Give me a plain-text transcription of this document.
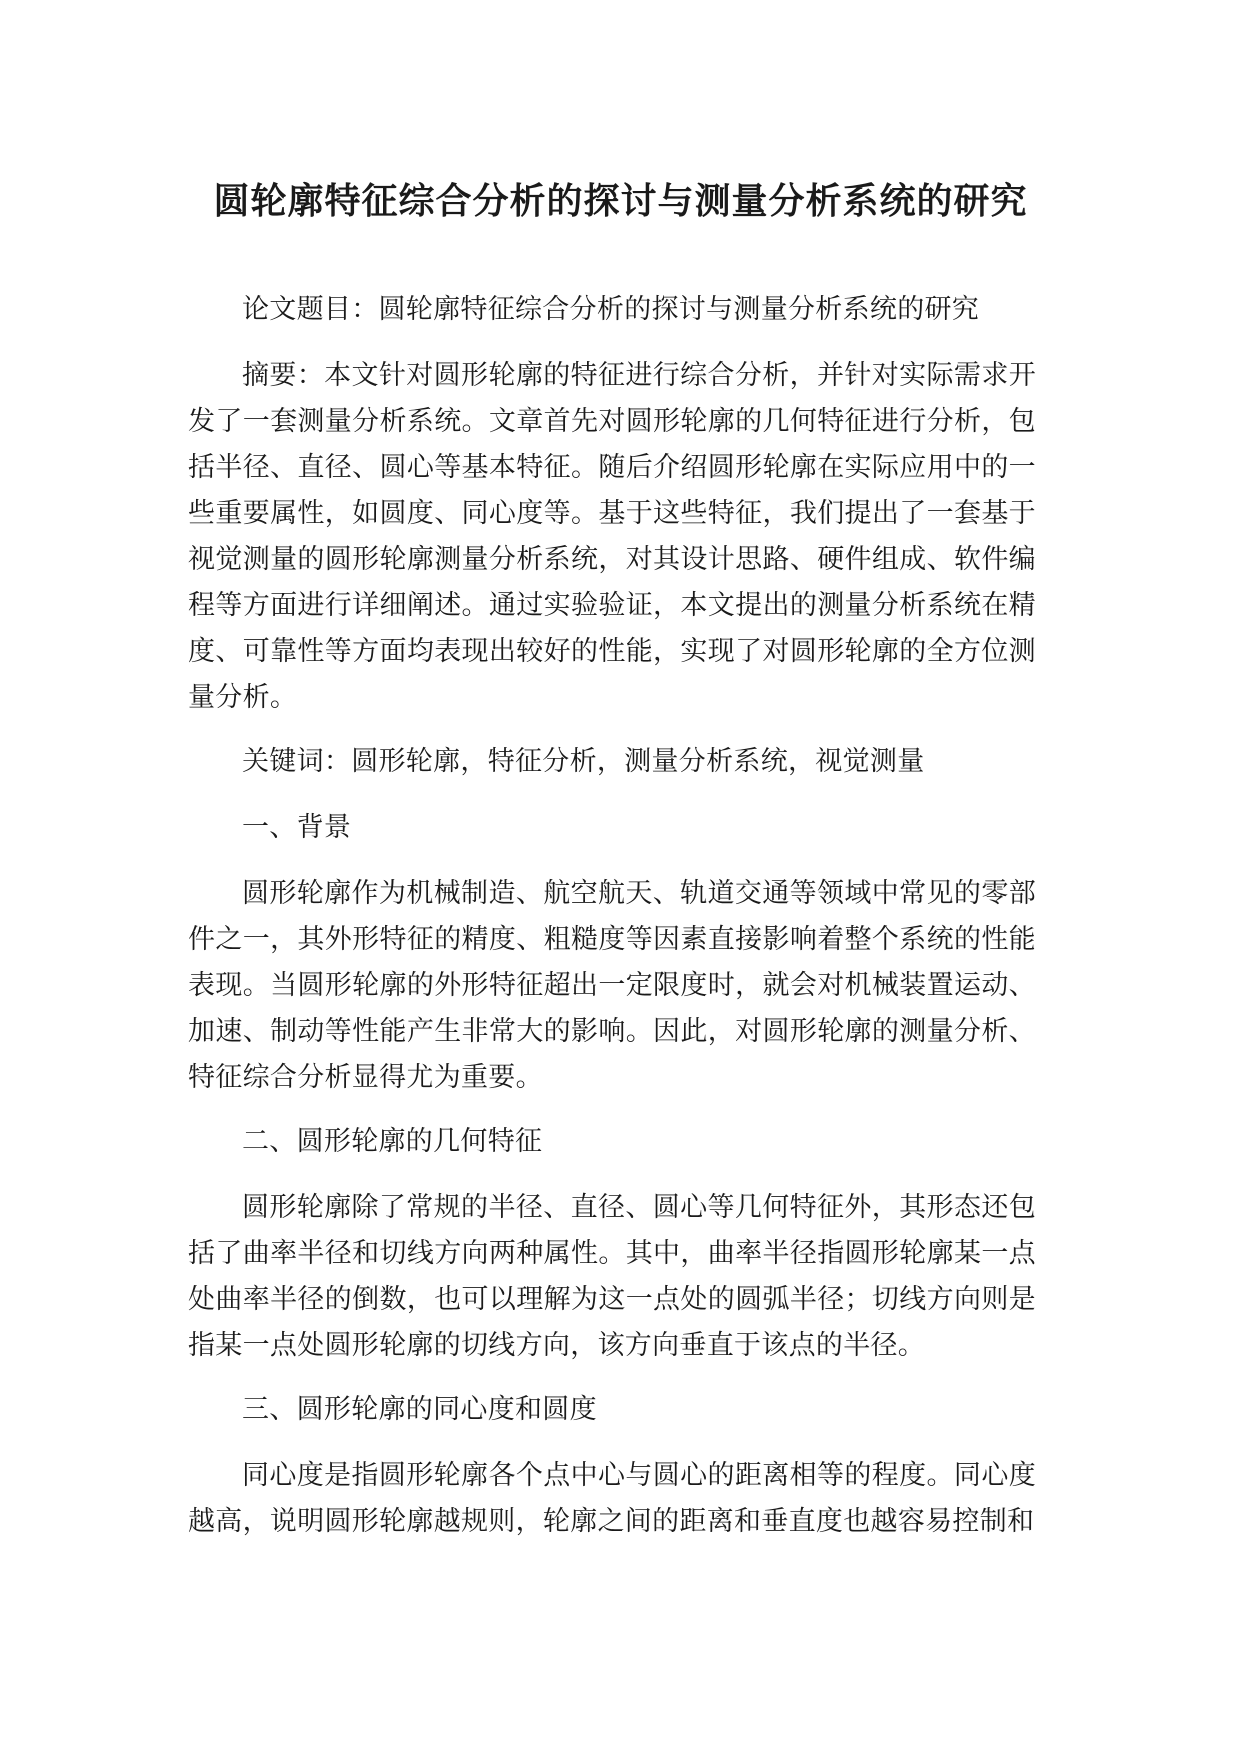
圆轮廓特征综合分析的探讨与测量分析系统的研究

论文题目：圆轮廓特征综合分析的探讨与测量分析系统的研究

摘要：本文针对圆形轮廓的特征进行综合分析，并针对实际需求开发了一套测量分析系统。文章首先对圆形轮廓的几何特征进行分析，包括半径、直径、圆心等基本特征。随后介绍圆形轮廓在实际应用中的一些重要属性，如圆度、同心度等。基于这些特征，我们提出了一套基于视觉测量的圆形轮廓测量分析系统，对其设计思路、硬件组成、软件编程等方面进行详细阐述。通过实验验证，本文提出的测量分析系统在精度、可靠性等方面均表现出较好的性能，实现了对圆形轮廓的全方位测量分析。

关键词：圆形轮廓，特征分析，测量分析系统，视觉测量

一、背景

圆形轮廓作为机械制造、航空航天、轨道交通等领域中常见的零部件之一，其外形特征的精度、粗糙度等因素直接影响着整个系统的性能表现。当圆形轮廓的外形特征超出一定限度时，就会对机械装置运动、加速、制动等性能产生非常大的影响。因此，对圆形轮廓的测量分析、特征综合分析显得尤为重要。

二、圆形轮廓的几何特征

圆形轮廓除了常规的半径、直径、圆心等几何特征外，其形态还包括了曲率半径和切线方向两种属性。其中，曲率半径指圆形轮廓某一点处曲率半径的倒数，也可以理解为这一点处的圆弧半径；切线方向则是指某一点处圆形轮廓的切线方向，该方向垂直于该点的半径。

三、圆形轮廓的同心度和圆度

同心度是指圆形轮廓各个点中心与圆心的距离相等的程度。同心度越高，说明圆形轮廓越规则，轮廓之间的距离和垂直度也越容易控制和
